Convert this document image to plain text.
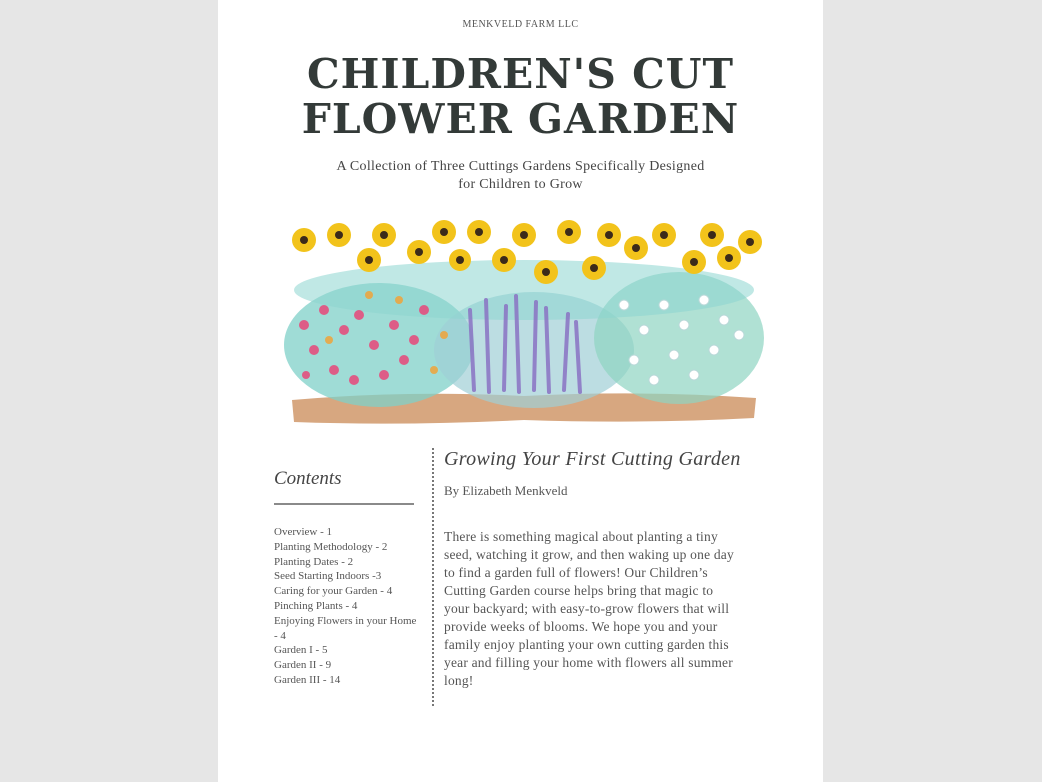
MENKVELD FARM LLC
CHILDREN'S CUT
FLOWER GARDEN
A Collection of Three Cuttings Gardens Specifically Designed for Children to Grow
Contents
Overview - 1
Planting Methodology - 2
Planting Dates - 2
Seed Starting Indoors -3
Caring for your Garden - 4
Pinching Plants - 4
Enjoying Flowers in your Home - 4
Garden I - 5
Garden II - 9
Garden III - 14
Growing Your First Cutting Garden
By Elizabeth Menkveld
There is something magical about planting a tiny seed, watching it grow, and then waking up one day to find a garden full of flowers! Our Children’s Cutting Garden course helps bring that magic to your backyard; with easy-to-grow flowers that will provide weeks of blooms. We hope you and your family enjoy planting your own cutting garden this year and filling your home with flowers all summer long!
